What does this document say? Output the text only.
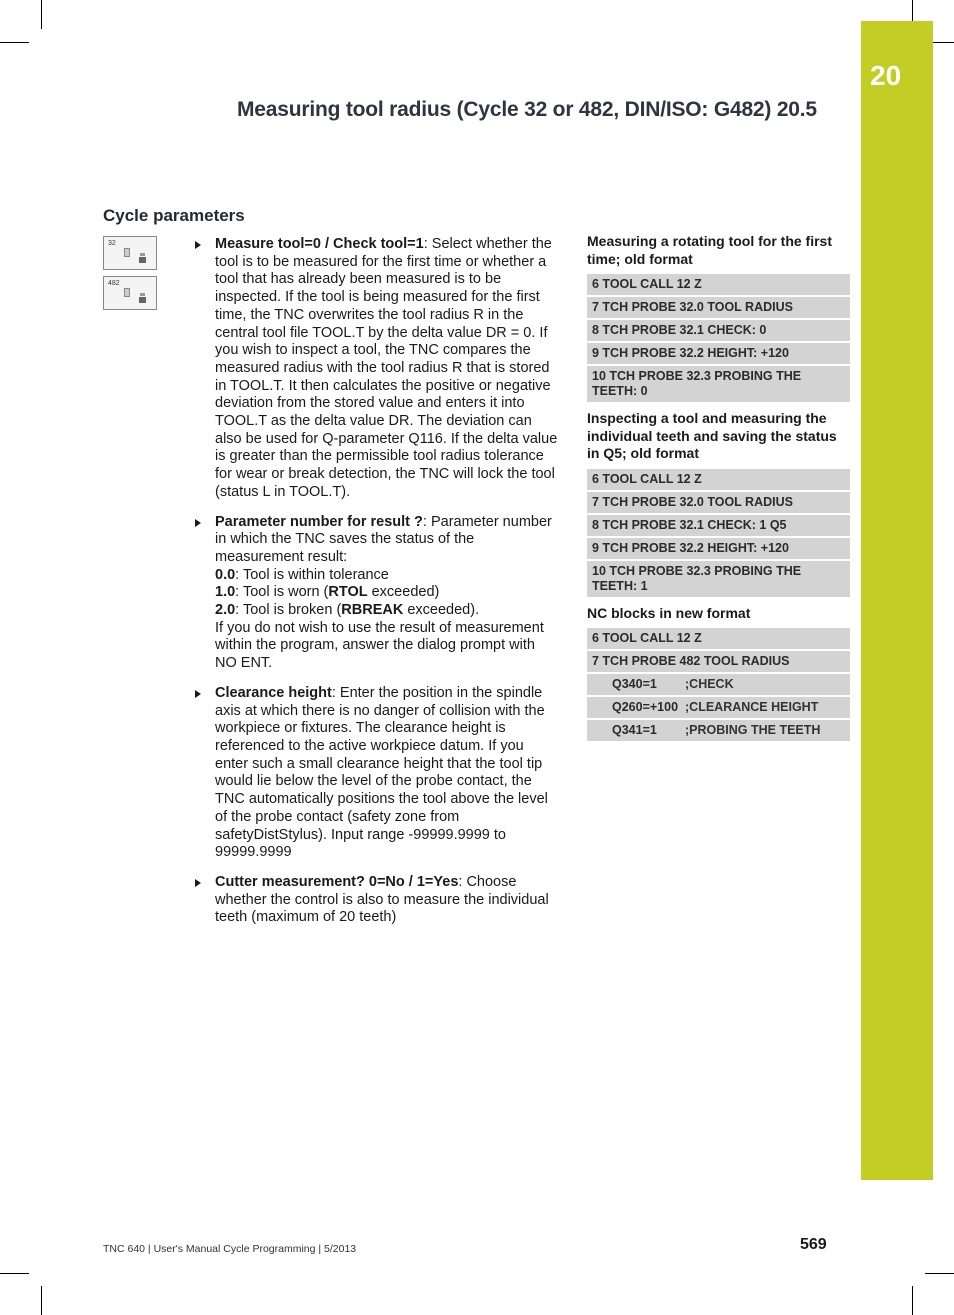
20
Measuring tool radius (Cycle 32 or 482, DIN/ISO: G482) 20.5
Cycle parameters
32
482
Measure tool=0 / Check tool=1: Select whether the tool is to be measured for the first time or whether a tool that has already been measured is to be inspected. If the tool is being measured for the first time, the TNC overwrites the tool radius R in the central tool file TOOL.T by the delta value DR = 0. If you wish to inspect a tool, the TNC compares the measured radius with the tool radius R that is stored in TOOL.T. It then calculates the positive or negative deviation from the stored value and enters it into TOOL.T as the delta value DR. The deviation can also be used for Q-parameter Q116. If the delta value is greater than the permissible tool radius tolerance for wear or break detection, the TNC will lock the tool (status L in TOOL.T).
Parameter number for result ?: Parameter number in which the TNC saves the status of the measurement result:
0.0: Tool is within tolerance
1.0: Tool is worn (RTOL exceeded)
2.0: Tool is broken (RBREAK exceeded).
If you do not wish to use the result of measurement within the program, answer the dialog prompt with NO ENT.
Clearance height: Enter the position in the spindle axis at which there is no danger of collision with the workpiece or fixtures. The clearance height is referenced to the active workpiece datum. If you enter such a small clearance height that the tool tip would lie below the level of the probe contact, the TNC automatically positions the tool above the level of the probe contact (safety zone from safetyDistStylus). Input range -99999.9999 to 99999.9999
Cutter measurement? 0=No / 1=Yes: Choose whether the control is also to measure the individual teeth (maximum of 20 teeth)
Measuring a rotating tool for the first time; old format
6 TOOL CALL 12 Z
7 TCH PROBE 32.0 TOOL RADIUS
8 TCH PROBE 32.1 CHECK: 0
9 TCH PROBE 32.2 HEIGHT: +120
10 TCH PROBE 32.3 PROBING THE TEETH: 0
Inspecting a tool and measuring the individual teeth and saving the status in Q5; old format
6 TOOL CALL 12 Z
7 TCH PROBE 32.0 TOOL RADIUS
8 TCH PROBE 32.1 CHECK: 1 Q5
9 TCH PROBE 32.2 HEIGHT: +120
10 TCH PROBE 32.3 PROBING THE TEETH: 1
NC blocks in new format
6 TOOL CALL 12 Z
7 TCH PROBE 482 TOOL RADIUS
Q340=1	;CHECK
Q260=+100 ;CLEARANCE HEIGHT
Q341=1	;PROBING THE TEETH
TNC 640 | User's Manual Cycle Programming | 5/2013	569
